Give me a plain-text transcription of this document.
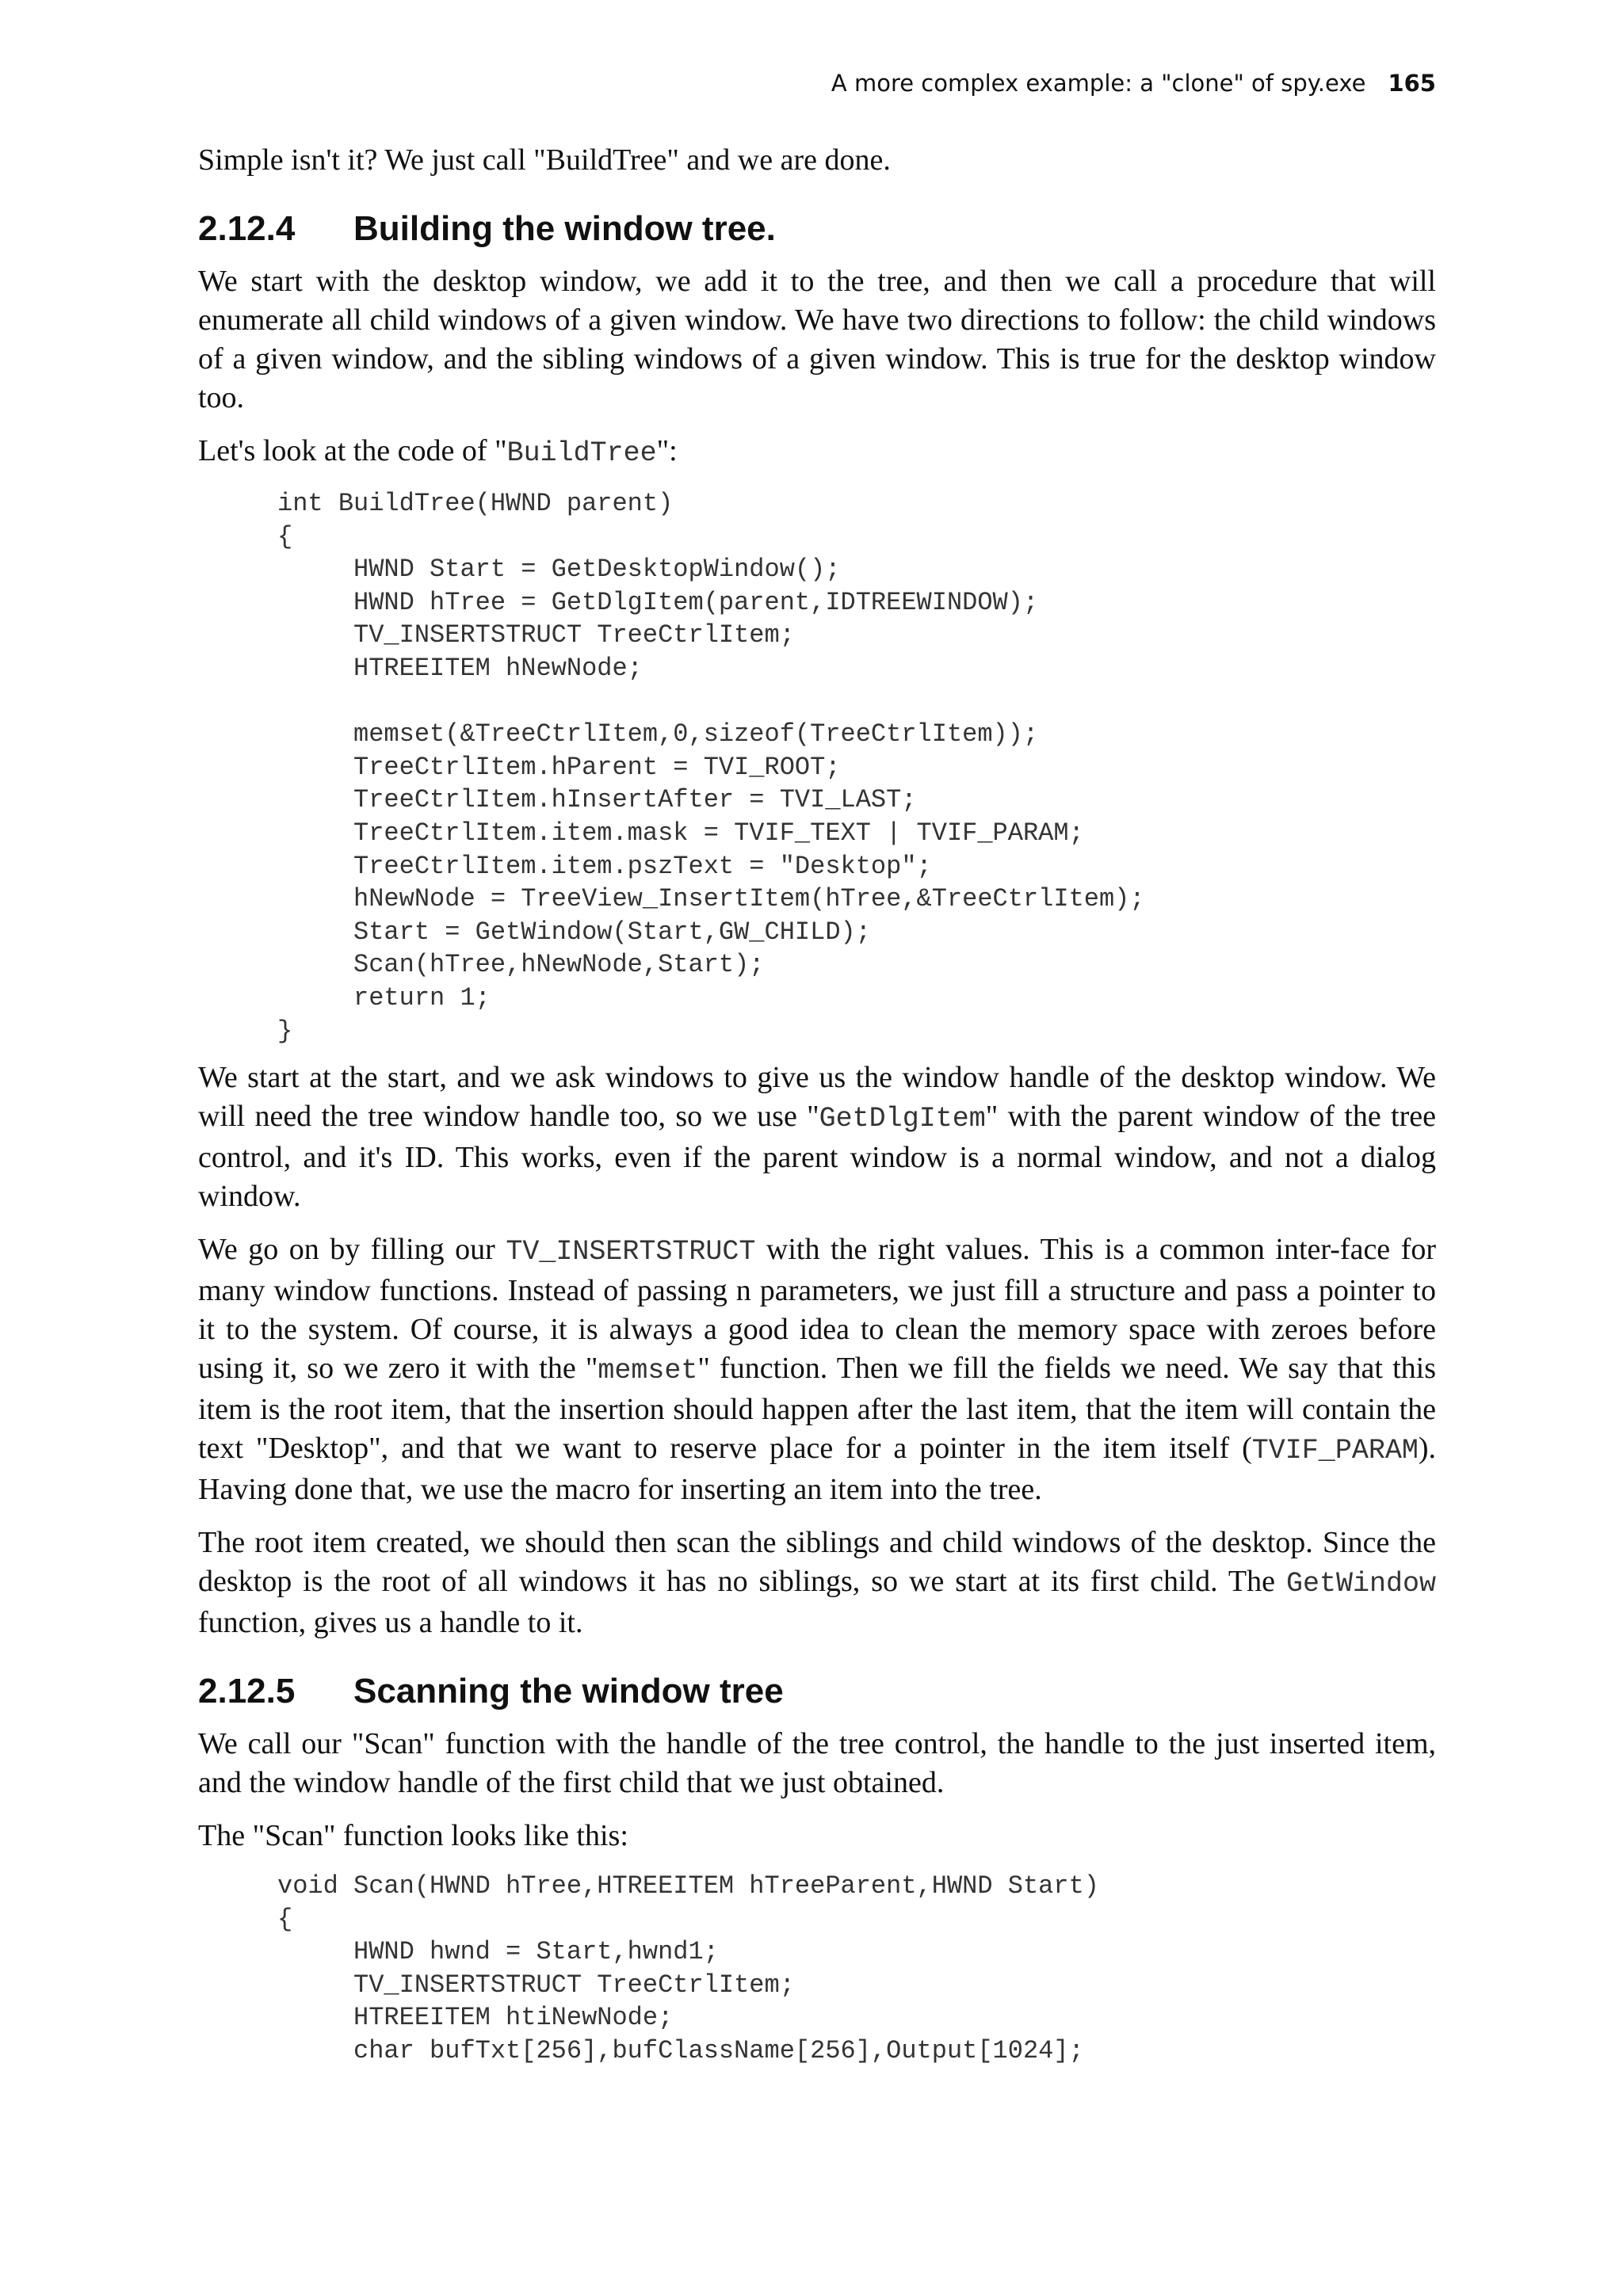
A more complex example: a "clone" of spy.exe 165

Simple isn't it? We just call "BuildTree" and we are done.

2.12.4 Building the window tree.

We start with the desktop window, we add it to the tree, and then we call a procedure that will enumerate all child windows of a given window. We have two directions to follow: the child windows of a given window, and the sibling windows of a given window. This is true for the desktop window too.

Let's look at the code of "BuildTree":

int BuildTree(HWND parent)
{
HWND Start = GetDesktopWindow();
HWND hTree = GetDlgItem(parent,IDTREEWINDOW);
TV_INSERTSTRUCT TreeCtrlItem;
HTREEITEM hNewNode;

memset(&TreeCtrlItem,0,sizeof(TreeCtrlItem));
TreeCtrlItem.hParent = TVI_ROOT;
TreeCtrlItem.hInsertAfter = TVI_LAST;
TreeCtrlItem.item.mask = TVIF_TEXT | TVIF_PARAM;
TreeCtrlItem.item.pszText = "Desktop";
hNewNode = TreeView_InsertItem(hTree,&TreeCtrlItem);
Start = GetWindow(Start,GW_CHILD);
Scan(hTree,hNewNode,Start);
return 1;
}

We start at the start, and we ask windows to give us the window handle of the desktop window. We will need the tree window handle too, so we use "GetDlgItem" with the parent window of the tree control, and it's ID. This works, even if the parent window is a normal window, and not a dialog window.

We go on by filling our TV_INSERTSTRUCT with the right values. This is a common inter-face for many window functions. Instead of passing n parameters, we just fill a structure and pass a pointer to it to the system. Of course, it is always a good idea to clean the memory space with zeroes before using it, so we zero it with the "memset" function. Then we fill the fields we need. We say that this item is the root item, that the insertion should happen after the last item, that the item will contain the text "Desktop", and that we want to reserve place for a pointer in the item itself (TVIF_PARAM). Having done that, we use the macro for inserting an item into the tree.

The root item created, we should then scan the siblings and child windows of the desktop. Since the desktop is the root of all windows it has no siblings, so we start at its first child. The GetWindow function, gives us a handle to it.

2.12.5 Scanning the window tree

We call our "Scan" function with the handle of the tree control, the handle to the just inserted item, and the window handle of the first child that we just obtained.

The "Scan" function looks like this:

void Scan(HWND hTree,HTREEITEM hTreeParent,HWND Start)
{
HWND hwnd = Start,hwnd1;
TV_INSERTSTRUCT TreeCtrlItem;
HTREEITEM htiNewNode;
char bufTxt[256],bufClassName[256],Output[1024];
